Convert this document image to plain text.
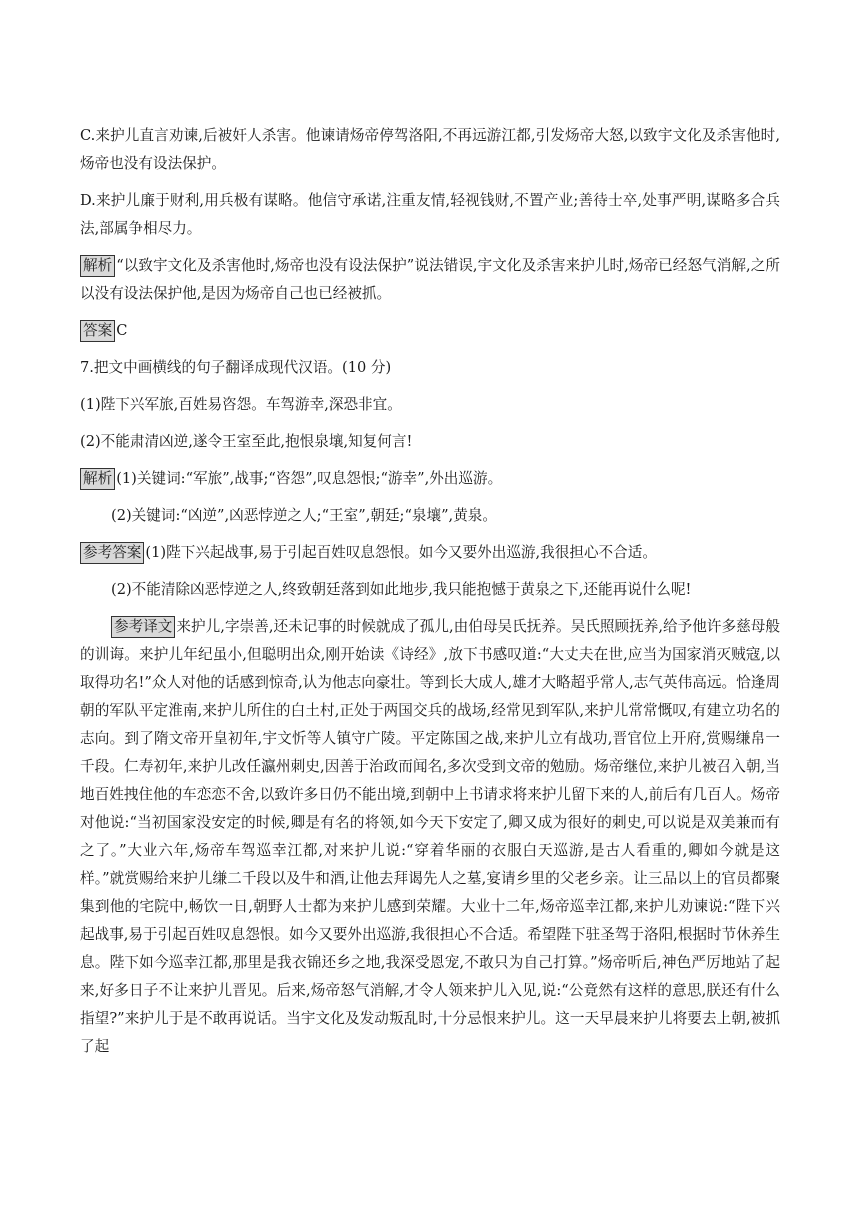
C.来护儿直言劝谏,后被奸人杀害。他谏请炀帝停驾洛阳,不再远游江都,引发炀帝大怒,以致宇文化及杀害他时,炀帝也没有设法保护。

D.来护儿廉于财利,用兵极有谋略。他信守承诺,注重友情,轻视钱财,不置产业;善待士卒,处事严明,谋略多合兵法,部属争相尽力。

解析 “以致宇文化及杀害他时,炀帝也没有设法保护”说法错误,宇文化及杀害来护儿时,炀帝已经怒气消解,之所以没有设法保护他,是因为炀帝自己也已经被抓。

答案 C

7.把文中画横线的句子翻译成现代汉语。(10 分)

(1)陛下兴军旅,百姓易咨怨。车驾游幸,深恐非宜。

(2)不能肃清凶逆,遂令王室至此,抱恨泉壤,知复何言!

解析 (1)关键词:“军旅”,战事;“咨怨”,叹息怨恨;“游幸”,外出巡游。

(2)关键词:“凶逆”,凶恶悖逆之人;“王室”,朝廷;“泉壤”,黄泉。

参考答案 (1)陛下兴起战事,易于引起百姓叹息怨恨。如今又要外出巡游,我很担心不合适。

(2)不能清除凶恶悖逆之人,终致朝廷落到如此地步,我只能抱憾于黄泉之下,还能再说什么呢!

参考译文 来护儿,字崇善,还未记事的时候就成了孤儿,由伯母吴氏抚养。吴氏照顾抚养,给予他许多慈母般的训诲。来护儿年纪虽小,但聪明出众,刚开始读《诗经》,放下书感叹道:“大丈夫在世,应当为国家消灭贼寇,以取得功名!”众人对他的话感到惊奇,认为他志向豪壮。等到长大成人,雄才大略超乎常人,志气英伟高远。恰逢周朝的军队平定淮南,来护儿所住的白土村,正处于两国交兵的战场,经常见到军队,来护儿常常慨叹,有建立功名的志向。到了隋文帝开皇初年,宇文忻等人镇守广陵。平定陈国之战,来护儿立有战功,晋官位上开府,赏赐缣帛一千段。仁寿初年,来护儿改任瀛州刺史,因善于治政而闻名,多次受到文帝的勉励。炀帝继位,来护儿被召入朝,当地百姓拽住他的车恋恋不舍,以致许多日仍不能出境,到朝中上书请求将来护儿留下来的人,前后有几百人。炀帝对他说:“当初国家没安定的时候,卿是有名的将领,如今天下安定了,卿又成为很好的刺史,可以说是双美兼而有之了。”大业六年,炀帝车驾巡幸江都,对来护儿说:“穿着华丽的衣服白天巡游,是古人看重的,卿如今就是这样。”就赏赐给来护儿缣二千段以及牛和酒,让他去拜谒先人之墓,宴请乡里的父老乡亲。让三品以上的官员都聚集到他的宅院中,畅饮一日,朝野人士都为来护儿感到荣耀。大业十二年,炀帝巡幸江都,来护儿劝谏说:“陛下兴起战事,易于引起百姓叹息怨恨。如今又要外出巡游,我很担心不合适。希望陛下驻圣驾于洛阳,根据时节休养生息。陛下如今巡幸江都,那里是我衣锦还乡之地,我深受恩宠,不敢只为自己打算。”炀帝听后,神色严厉地站了起来,好多日子不让来护儿晋见。后来,炀帝怒气消解,才令人领来护儿入见,说:“公竟然有这样的意思,朕还有什么指望?”来护儿于是不敢再说话。当宇文化及发动叛乱时,十分忌恨来护儿。这一天早晨来护儿将要去上朝,被抓了起
